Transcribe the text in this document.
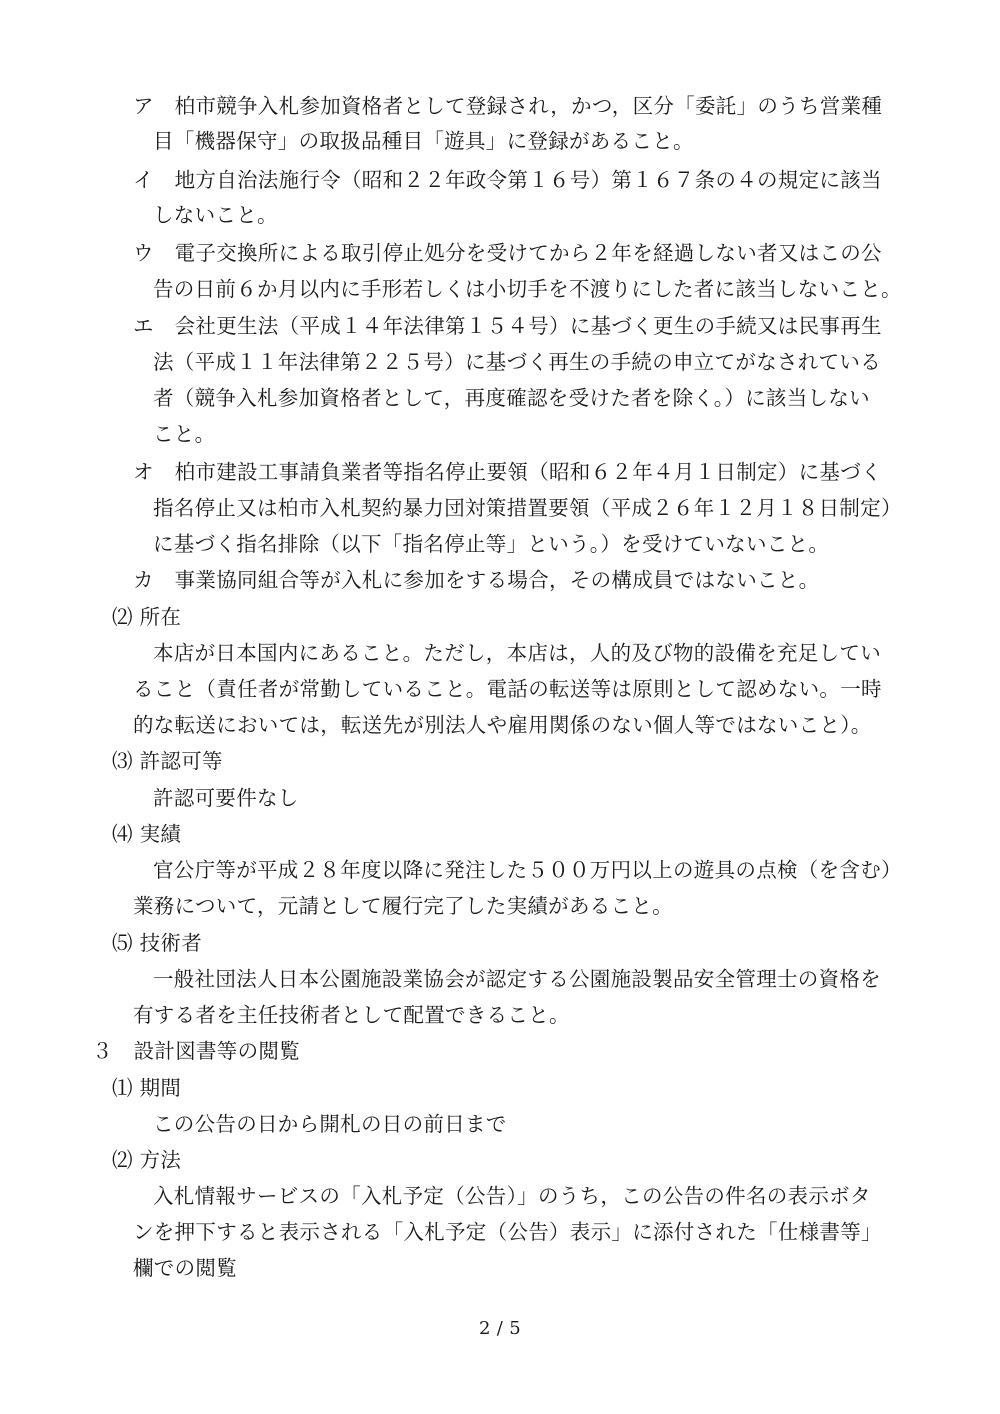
ア　柏市競争入札参加資格者として登録され，かつ，区分「委託」のうち営業種
目「機器保守」の取扱品種目「遊具」に登録があること。
イ　地方自治法施行令（昭和２２年政令第１６号）第１６７条の４の規定に該当
しないこと。
ウ　電子交換所による取引停止処分を受けてから２年を経過しない者又はこの公
告の日前６か月以内に手形若しくは小切手を不渡りにした者に該当しないこと。
エ　会社更生法（平成１４年法律第１５４号）に基づく更生の手続又は民事再生
法（平成１１年法律第２２５号）に基づく再生の手続の申立てがなされている
者（競争入札参加資格者として，再度確認を受けた者を除く。）に該当しない
こと。
オ　柏市建設工事請負業者等指名停止要領（昭和６２年４月１日制定）に基づく
指名停止又は柏市入札契約暴力団対策措置要領（平成２６年１２月１８日制定）
に基づく指名排除（以下「指名停止等」という。）を受けていないこと。
カ　事業協同組合等が入札に参加をする場合，その構成員ではないこと。
⑵ 所在
本店が日本国内にあること。ただし，本店は，人的及び物的設備を充足してい
ること（責任者が常勤していること。電話の転送等は原則として認めない。一時
的な転送においては，転送先が別法人や雇用関係のない個人等ではないこと）。
⑶ 許認可等
許認可要件なし
⑷ 実績
官公庁等が平成２８年度以降に発注した５００万円以上の遊具の点検（を含む）
業務について，元請として履行完了した実績があること。
⑸ 技術者
一般社団法人日本公園施設業協会が認定する公園施設製品安全管理士の資格を
有する者を主任技術者として配置できること。
３　設計図書等の閲覧
⑴ 期間
この公告の日から開札の日の前日まで
⑵ 方法
入札情報サービスの「入札予定（公告）」のうち，この公告の件名の表示ボタ
ンを押下すると表示される「入札予定（公告）表示」に添付された「仕様書等」
欄での閲覧
2 / 5
